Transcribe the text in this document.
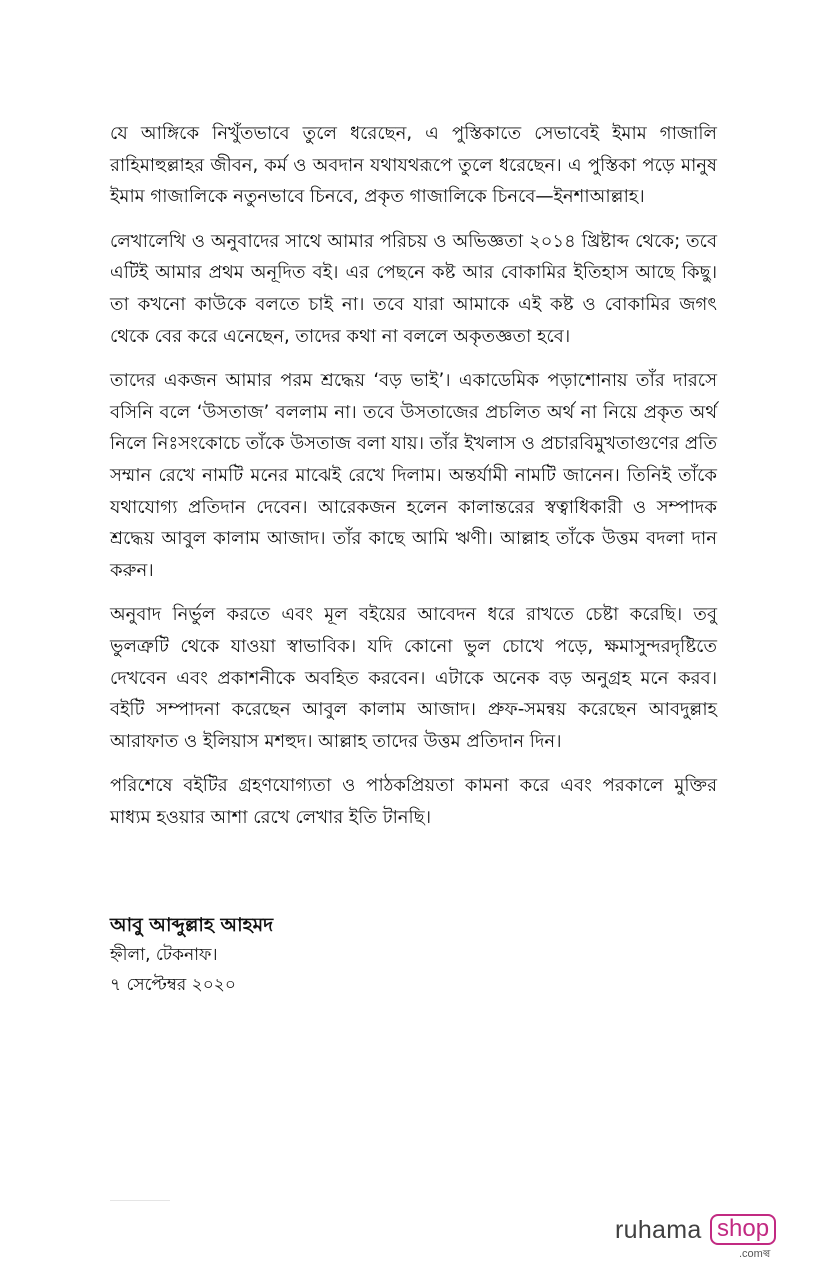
যে আঙ্গিকে নিখুঁতভাবে তুলে ধরেছেন, এ পুস্তিকাতে সেভাবেই ইমাম গাজালি রাহিমাহুল্লাহর জীবন, কর্ম ও অবদান যথাযথরূপে তুলে ধরেছেন। এ পুস্তিকা পড়ে মানুষ ইমাম গাজালিকে নতুনভাবে চিনবে, প্রকৃত গাজালিকে চিনবে—ইনশাআল্লাহ।

লেখালেখি ও অনুবাদের সাথে আমার পরিচয় ও অভিজ্ঞতা ২০১৪ খ্রিষ্টাব্দ থেকে; তবে এটিই আমার প্রথম অনূদিত বই। এর পেছনে কষ্ট আর বোকামির ইতিহাস আছে কিছু। তা কখনো কাউকে বলতে চাই না। তবে যারা আমাকে এই কষ্ট ও বোকামির জগৎ থেকে বের করে এনেছেন, তাদের কথা না বললে অকৃতজ্ঞতা হবে।

তাদের একজন আমার পরম শ্রদ্ধেয় ‘বড় ভাই’। একাডেমিক পড়াশোনায় তাঁর দারসে বসিনি বলে ‘উসতাজ’ বললাম না। তবে উসতাজের প্রচলিত অর্থ না নিয়ে প্রকৃত অর্থ নিলে নিঃসংকোচে তাঁকে উসতাজ বলা যায়। তাঁর ইখলাস ও প্রচারবিমুখতাগুণের প্রতি সম্মান রেখে নামটি মনের মাঝেই রেখে দিলাম। অন্তর্যামী নামটি জানেন। তিনিই তাঁকে যথাযোগ্য প্রতিদান দেবেন। আরেকজন হলেন কালান্তরের স্বত্বাধিকারী ও সম্পাদক শ্রদ্ধেয় আবুল কালাম আজাদ। তাঁর কাছে আমি ঋণী। আল্লাহ তাঁকে উত্তম বদলা দান করুন।

অনুবাদ নির্ভুল করতে এবং মূল বইয়ের আবেদন ধরে রাখতে চেষ্টা করেছি। তবু ভুলত্রুটি থেকে যাওয়া স্বাভাবিক। যদি কোনো ভুল চোখে পড়ে, ক্ষমাসুন্দরদৃষ্টিতে দেখবেন এবং প্রকাশনীকে অবহিত করবেন। এটাকে অনেক বড় অনুগ্রহ মনে করব। বইটি সম্পাদনা করেছেন আবুল কালাম আজাদ। প্রুফ-সমন্বয় করেছেন আবদুল্লাহ আরাফাত ও ইলিয়াস মশহুদ। আল্লাহ তাদের উত্তম প্রতিদান দিন।

পরিশেষে বইটির গ্রহণযোগ্যতা ও পাঠকপ্রিয়তা কামনা করে এবং পরকালে মুক্তির মাধ্যম হওয়ার আশা রেখে লেখার ইতি টানছি।

আবু আব্দুল্লাহ আহমদ
হ্নীলা, টেকনাফ।
৭ সেপ্টেম্বর ২০২০
ruhama shop
.comল্ব
